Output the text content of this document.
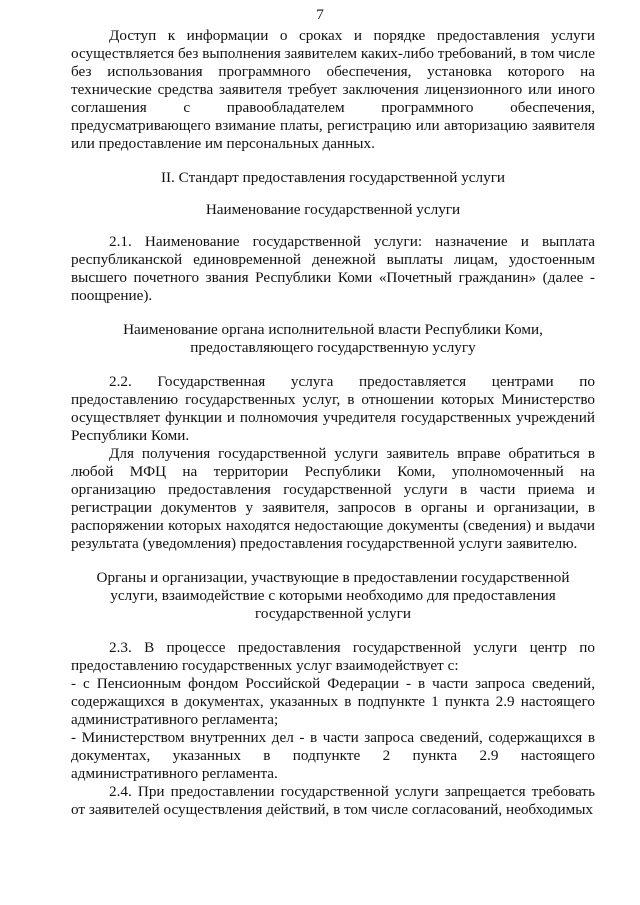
7

Доступ к информации о сроках и порядке предоставления услуги осуществляется без выполнения заявителем каких-либо требований, в том числе без использования программного обеспечения, установка которого на технические средства заявителя требует заключения лицензионного или иного соглашения с правообладателем программного обеспечения, предусматривающего взимание платы, регистрацию или авторизацию заявителя или предоставление им персональных данных.

II. Стандарт предоставления государственной услуги

Наименование государственной услуги

2.1. Наименование государственной услуги: назначение и выплата республиканской единовременной денежной выплаты лицам, удостоенным высшего почетного звания Республики Коми «Почетный гражданин» (далее - поощрение).

Наименование органа исполнительной власти Республики Коми, предоставляющего государственную услугу

2.2. Государственная услуга предоставляется центрами по предоставлению государственных услуг, в отношении которых Министерство осуществляет функции и полномочия учредителя государственных учреждений Республики Коми.

Для получения государственной услуги заявитель вправе обратиться в любой МФЦ на территории Республики Коми, уполномоченный на организацию предоставления государственной услуги в части приема и регистрации документов у заявителя, запросов в органы и организации, в распоряжении которых находятся недостающие документы (сведения) и выдачи результата (уведомления) предоставления государственной услуги заявителю.

Органы и организации, участвующие в предоставлении государственной услуги, взаимодействие с которыми необходимо для предоставления государственной услуги

2.3. В процессе предоставления государственной услуги центр по предоставлению государственных услуг взаимодействует с:

- с Пенсионным фондом Российской Федерации - в части запроса сведений, содержащихся в документах, указанных в подпункте 1 пункта 2.9 настоящего административного регламента;

- Министерством внутренних дел - в части запроса сведений, содержащихся в документах, указанных в подпункте 2 пункта 2.9 настоящего административного регламента.

2.4. При предоставлении государственной услуги запрещается требовать от заявителей осуществления действий, в том числе согласований, необходимых
